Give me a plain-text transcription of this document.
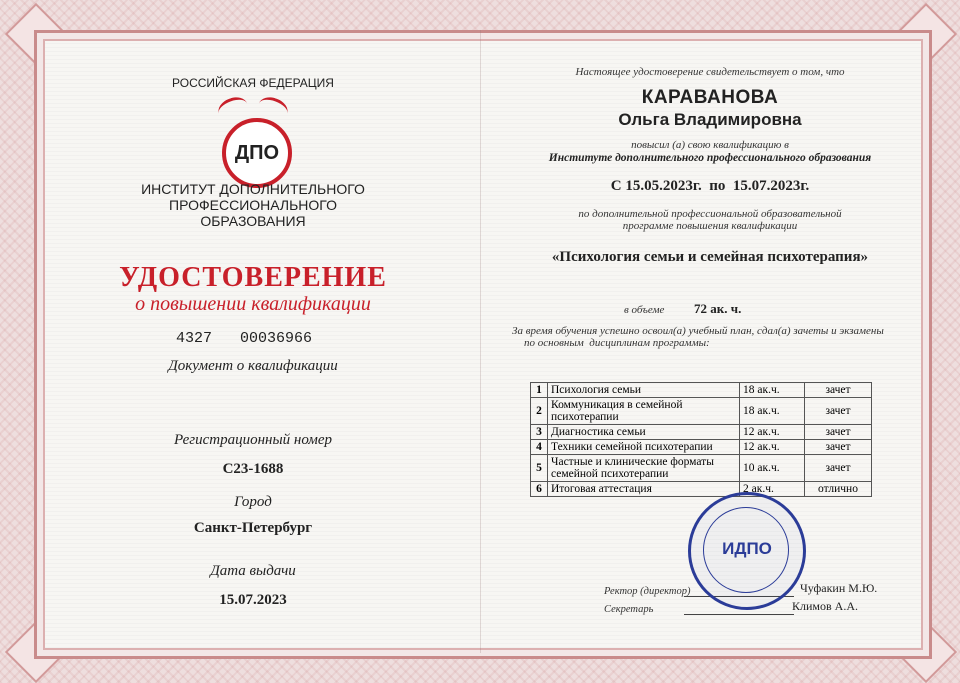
РОССИЙСКАЯ ФЕДЕРАЦИЯ
ДПО
ИНСТИТУТ ДОПОЛНИТЕЛЬНОГО
ПРОФЕССИОНАЛЬНОГО
ОБРАЗОВАНИЯ
УДОСТОВЕРЕНИЕ
о повышении квалификации
4327 00036966
Документ о квалификации
Регистрационный номер
С23-1688
Город
Санкт-Петербург
Дата выдачи
15.07.2023
Настоящее удостоверение свидетельствует о том, что
КАРАВАНОВА
Ольга Владимировна
повысил (а) свою квалификацию в
Институте дополнительного профессионального образования
С 15.05.2023г.  по  15.07.2023г.
по дополнительной профессиональной образовательной
программе повышения квалификации
«Психология семьи и семейная психотерапия»
в объеме 72 ак. ч.
За время обучения успешно освоил(а) учебный план, сдал(а) зачеты и экзамены
по основным  дисциплинам программы:
1	Психология семьи	18 ак.ч.	зачет
2	Коммуникация в семейной психотерапии	18 ак.ч.	зачет
3	Диагностика семьи	12 ак.ч.	зачет
4	Техники семейной психотерапии	12 ак.ч.	зачет
5	Частные и клинические форматы семейной психотерапии	10 ак.ч.	зачет
6	Итоговая аттестация	2 ак.ч.	отлично
Ректор (директор)	Чуфакин М.Ю.
Секретарь	Климов А.А.
ИДПО
